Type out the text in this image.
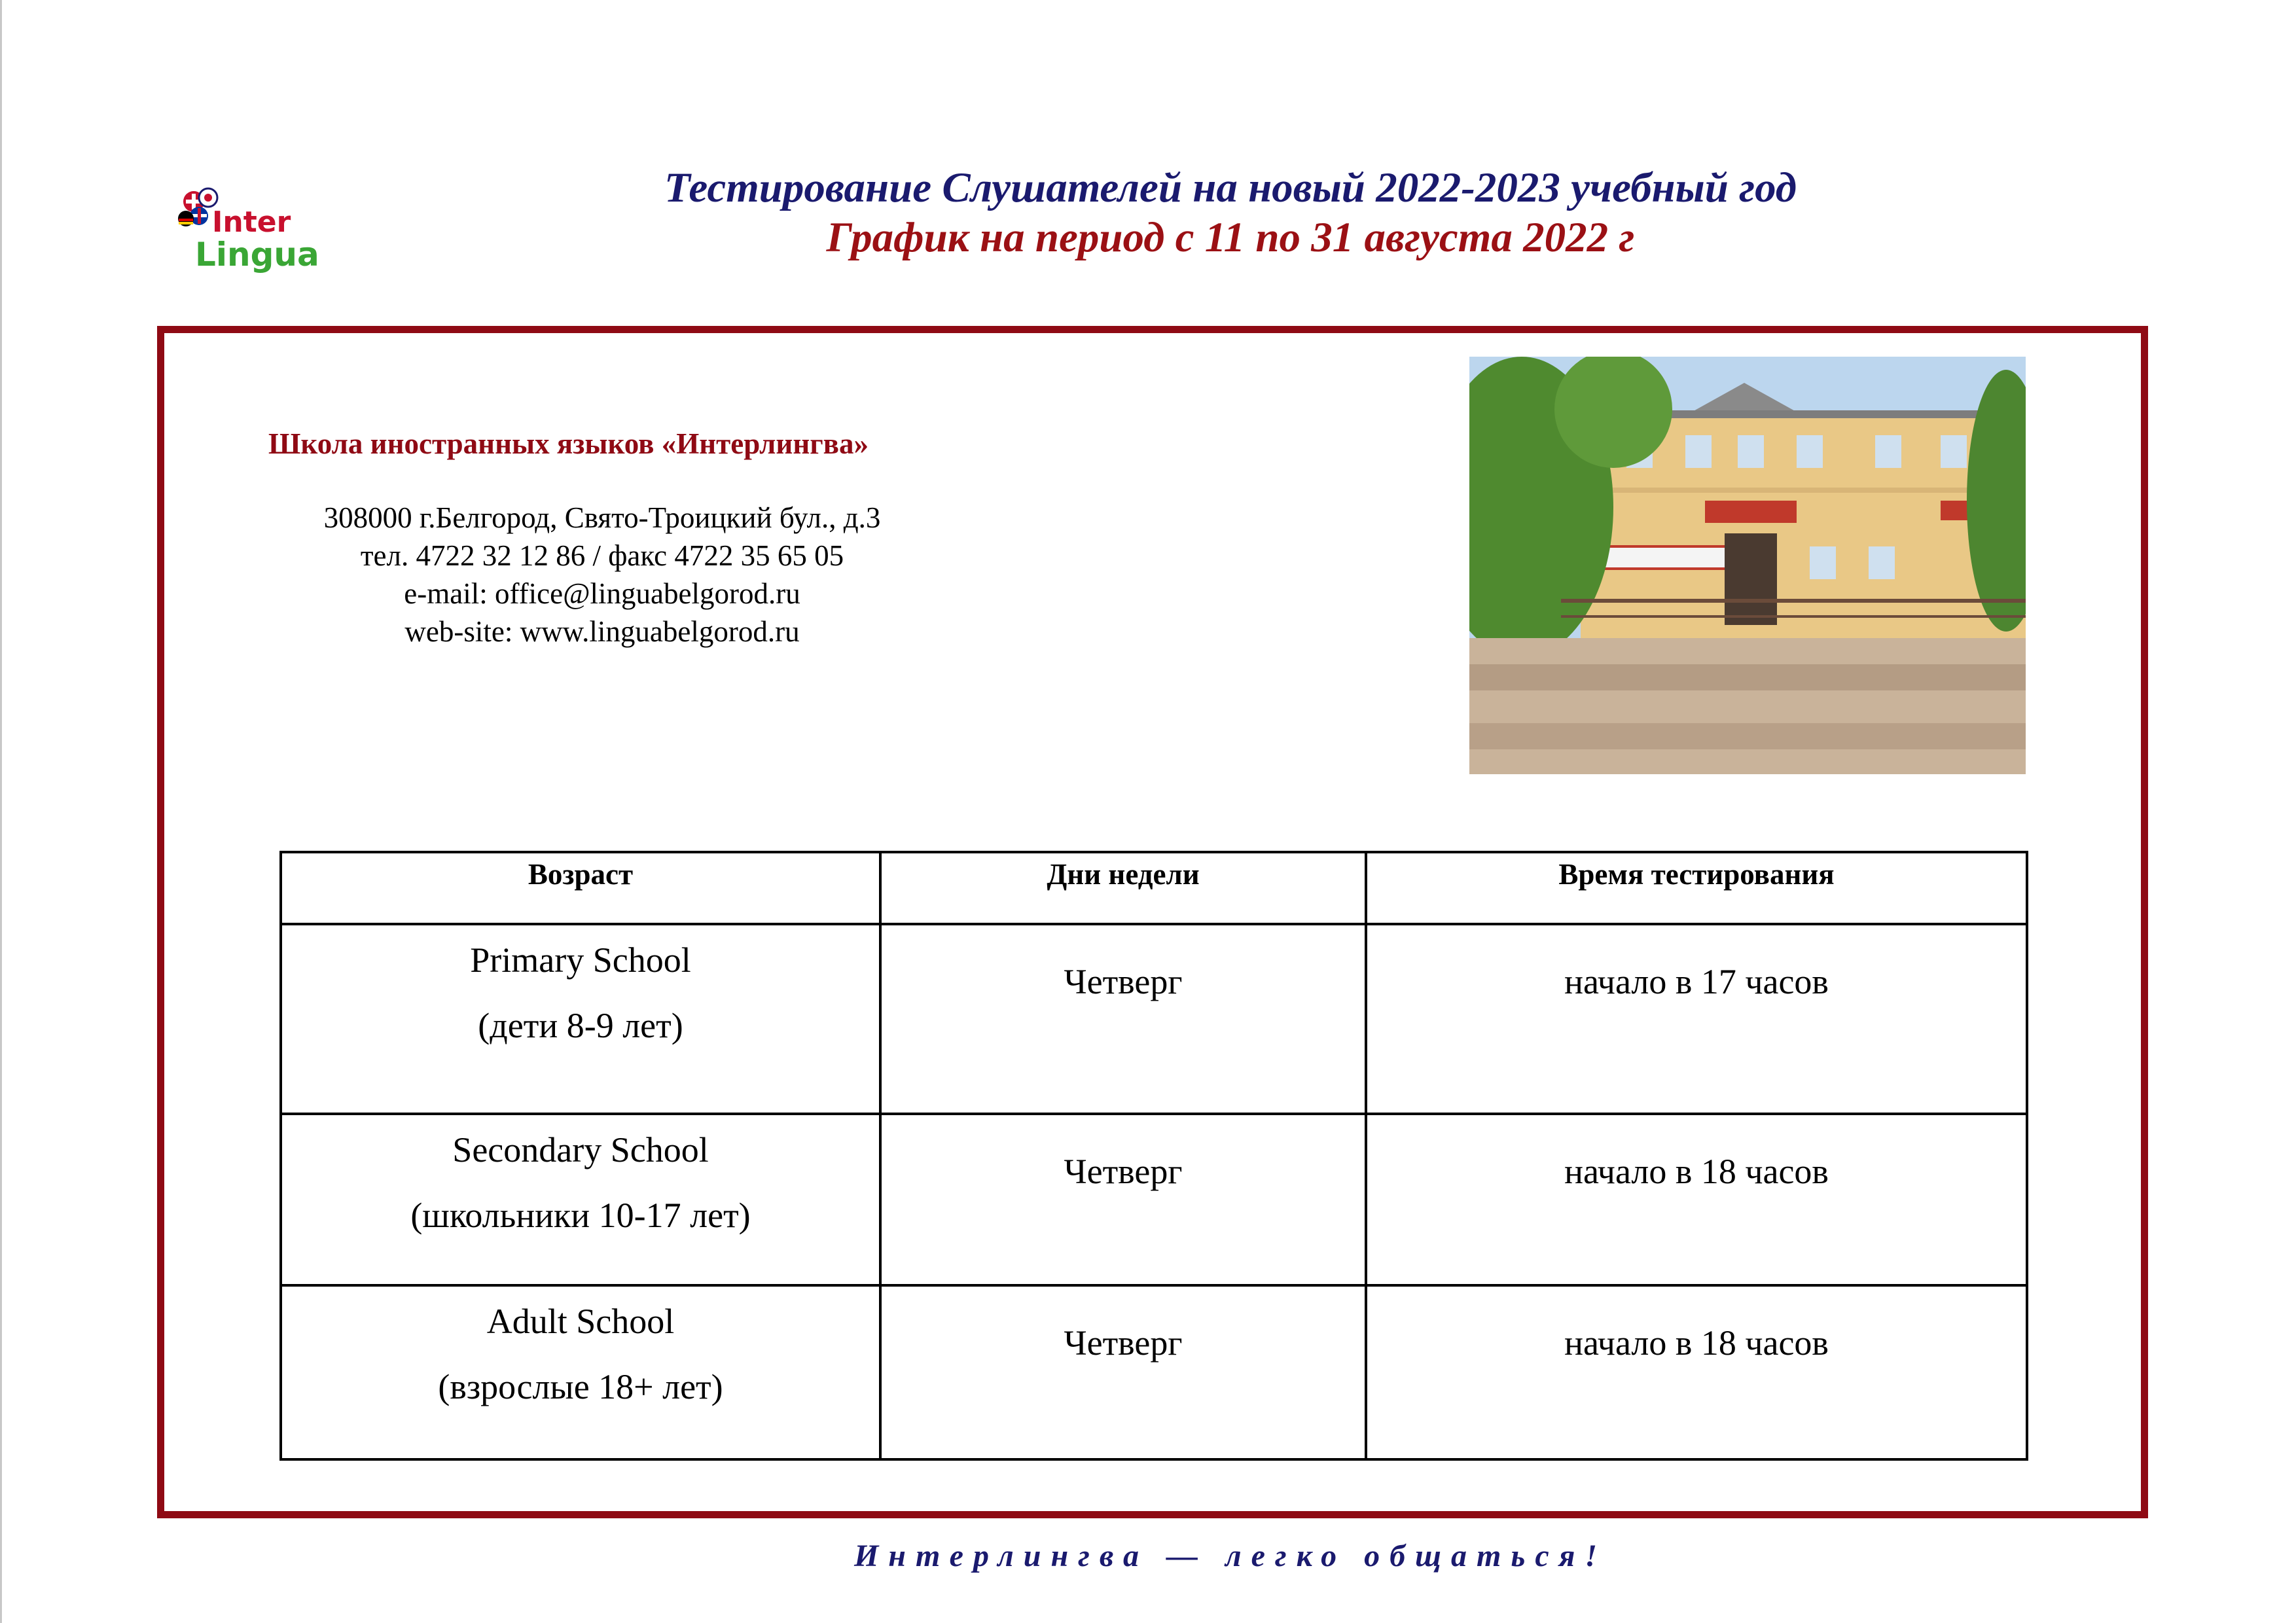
Inter
Lingua
Тестирование Слушателей на новый 2022-2023 учебный год
График на период с 11 по 31 августа 2022 г
Школа иностранных языков «Интерлингва»
308000 г.Белгород, Свято-Троицкий бул., д.3
тел. 4722 32 12 86 / факс 4722 35 65 05
e-mail: office@linguabelgorod.ru
web-site: www.linguabelgorod.ru
Возраст	Дни недели	Время тестирования

Primary School
(дети 8-9 лет)	Четверг	начало в 17 часов

Secondary School
(школьники 10-17 лет)	Четверг	начало в 18 часов

Adult School
(взрослые 18+ лет)	Четверг	начало в 18 часов
Интерлингва — легко общаться!
